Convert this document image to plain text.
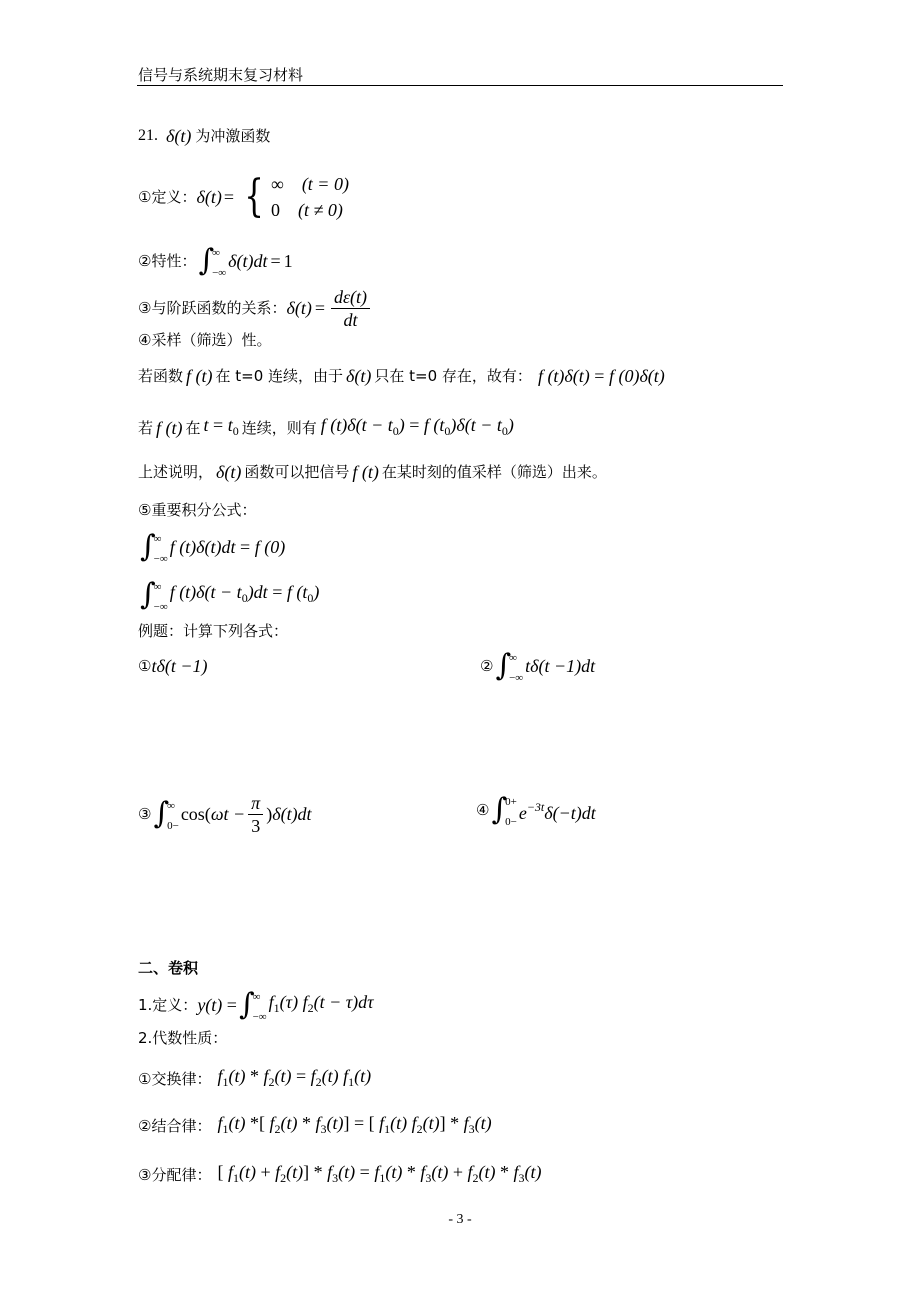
信号与系统期末复习材料
21. δ(t) 为冲激函数
①定义： δ(t) = { ∞ (t = 0)
0 (t ≠ 0)
②特性： ∫
∞
−∞
δ(t)dt = 1
③与阶跃函数的关系： $\delta(t) = \frac{d\varepsilon(t)}{dt}$
④采样（筛选）性。
若函数 f (t) 在 t=0 连续，由于 δ(t) 只在 t=0 存在，故有： f (t)δ(t) = f (0)δ(t)
若 f (t) 在 $t = t_0$ 连续，则有 f $(t)\delta(t - t_0) = f$ $(t_0)\delta(t - t_0)$
上述说明， δ(t) 函数可以把信号 f (t) 在某时刻的值采样（筛选）出来。
⑤重要积分公式：
∫
∞
−∞
f (t)δ(t)dt = f (0)
∫
∞
−∞
f $(t)\delta(t - t_0)dt = f$ $(t_0)$
例题：计算下列各式：
① tδ(t −1)	② ∫
∞
−∞
tδ(t −1)dt
③ ∫
∞
0−
cos( $\omega t - \frac{\pi}{3}$ ) δ(t)dt	④ ∫
0+
$0- e^{-3t}\delta(-t)dt$
二、卷积
1.定义： y(t) = ∫
∞
−∞
$f_1(\tau) f_2(t - \tau)d\tau$
2.代数性质：
①交换律： $f_1(t) * f_2(t) = f_2(t)$ $f_1(t)$
②结合律： $f_1(t)$ *[ $f_2(t) * f_3(t)$] = [ $f_1(t)$ $f_2(t)] * f_3(t)$
③分配律： [ $f_1(t) + f_2(t)] * f_3(t) = f_1(t) * f_3(t) + f_2(t) * f_3(t)$
- 3 -
